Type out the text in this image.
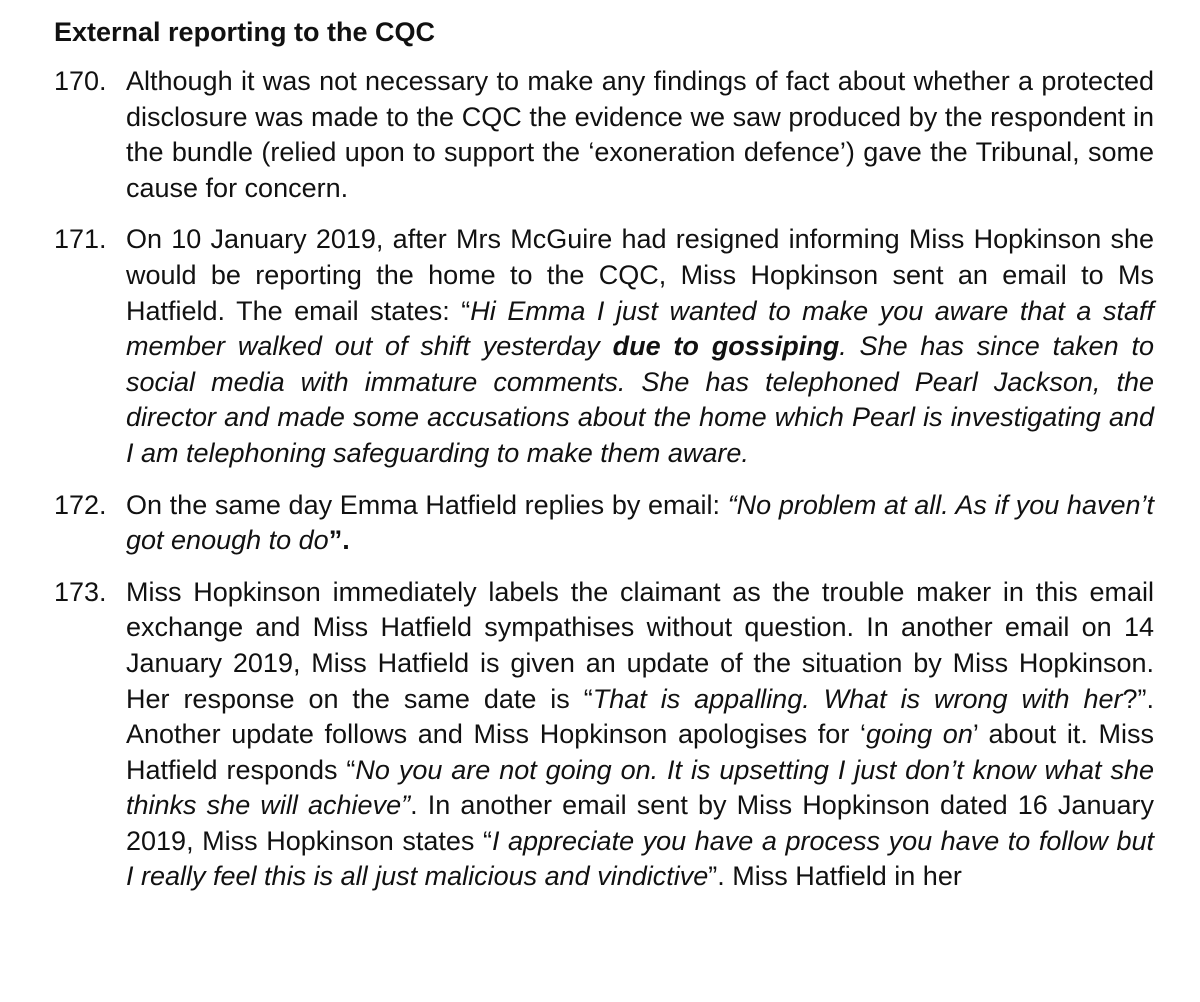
External reporting to the CQC
170. Although it was not necessary to make any findings of fact about whether a protected disclosure was made to the CQC the evidence we saw produced by the respondent in the bundle (relied upon to support the ‘exoneration defence’) gave the Tribunal, some cause for concern.
171. On 10 January 2019, after Mrs McGuire had resigned informing Miss Hopkinson she would be reporting the home to the CQC, Miss Hopkinson sent an email to Ms Hatfield. The email states: “Hi Emma I just wanted to make you aware that a staff member walked out of shift yesterday due to gossiping. She has since taken to social media with immature comments. She has telephoned Pearl Jackson, the director and made some accusations about the home which Pearl is investigating and I am telephoning safeguarding to make them aware.
172. On the same day Emma Hatfield replies by email: “No problem at all. As if you haven’t got enough to do”.
173. Miss Hopkinson immediately labels the claimant as the trouble maker in this email exchange and Miss Hatfield sympathises without question. In another email on 14 January 2019, Miss Hatfield is given an update of the situation by Miss Hopkinson. Her response on the same date is “That is appalling. What is wrong with her?”. Another update follows and Miss Hopkinson apologises for ‘going on’ about it. Miss Hatfield responds “No you are not going on. It is upsetting I just don’t know what she thinks she will achieve”. In another email sent by Miss Hopkinson dated 16 January 2019, Miss Hopkinson states “I appreciate you have a process you have to follow but I really feel this is all just malicious and vindictive”. Miss Hatfield in her
